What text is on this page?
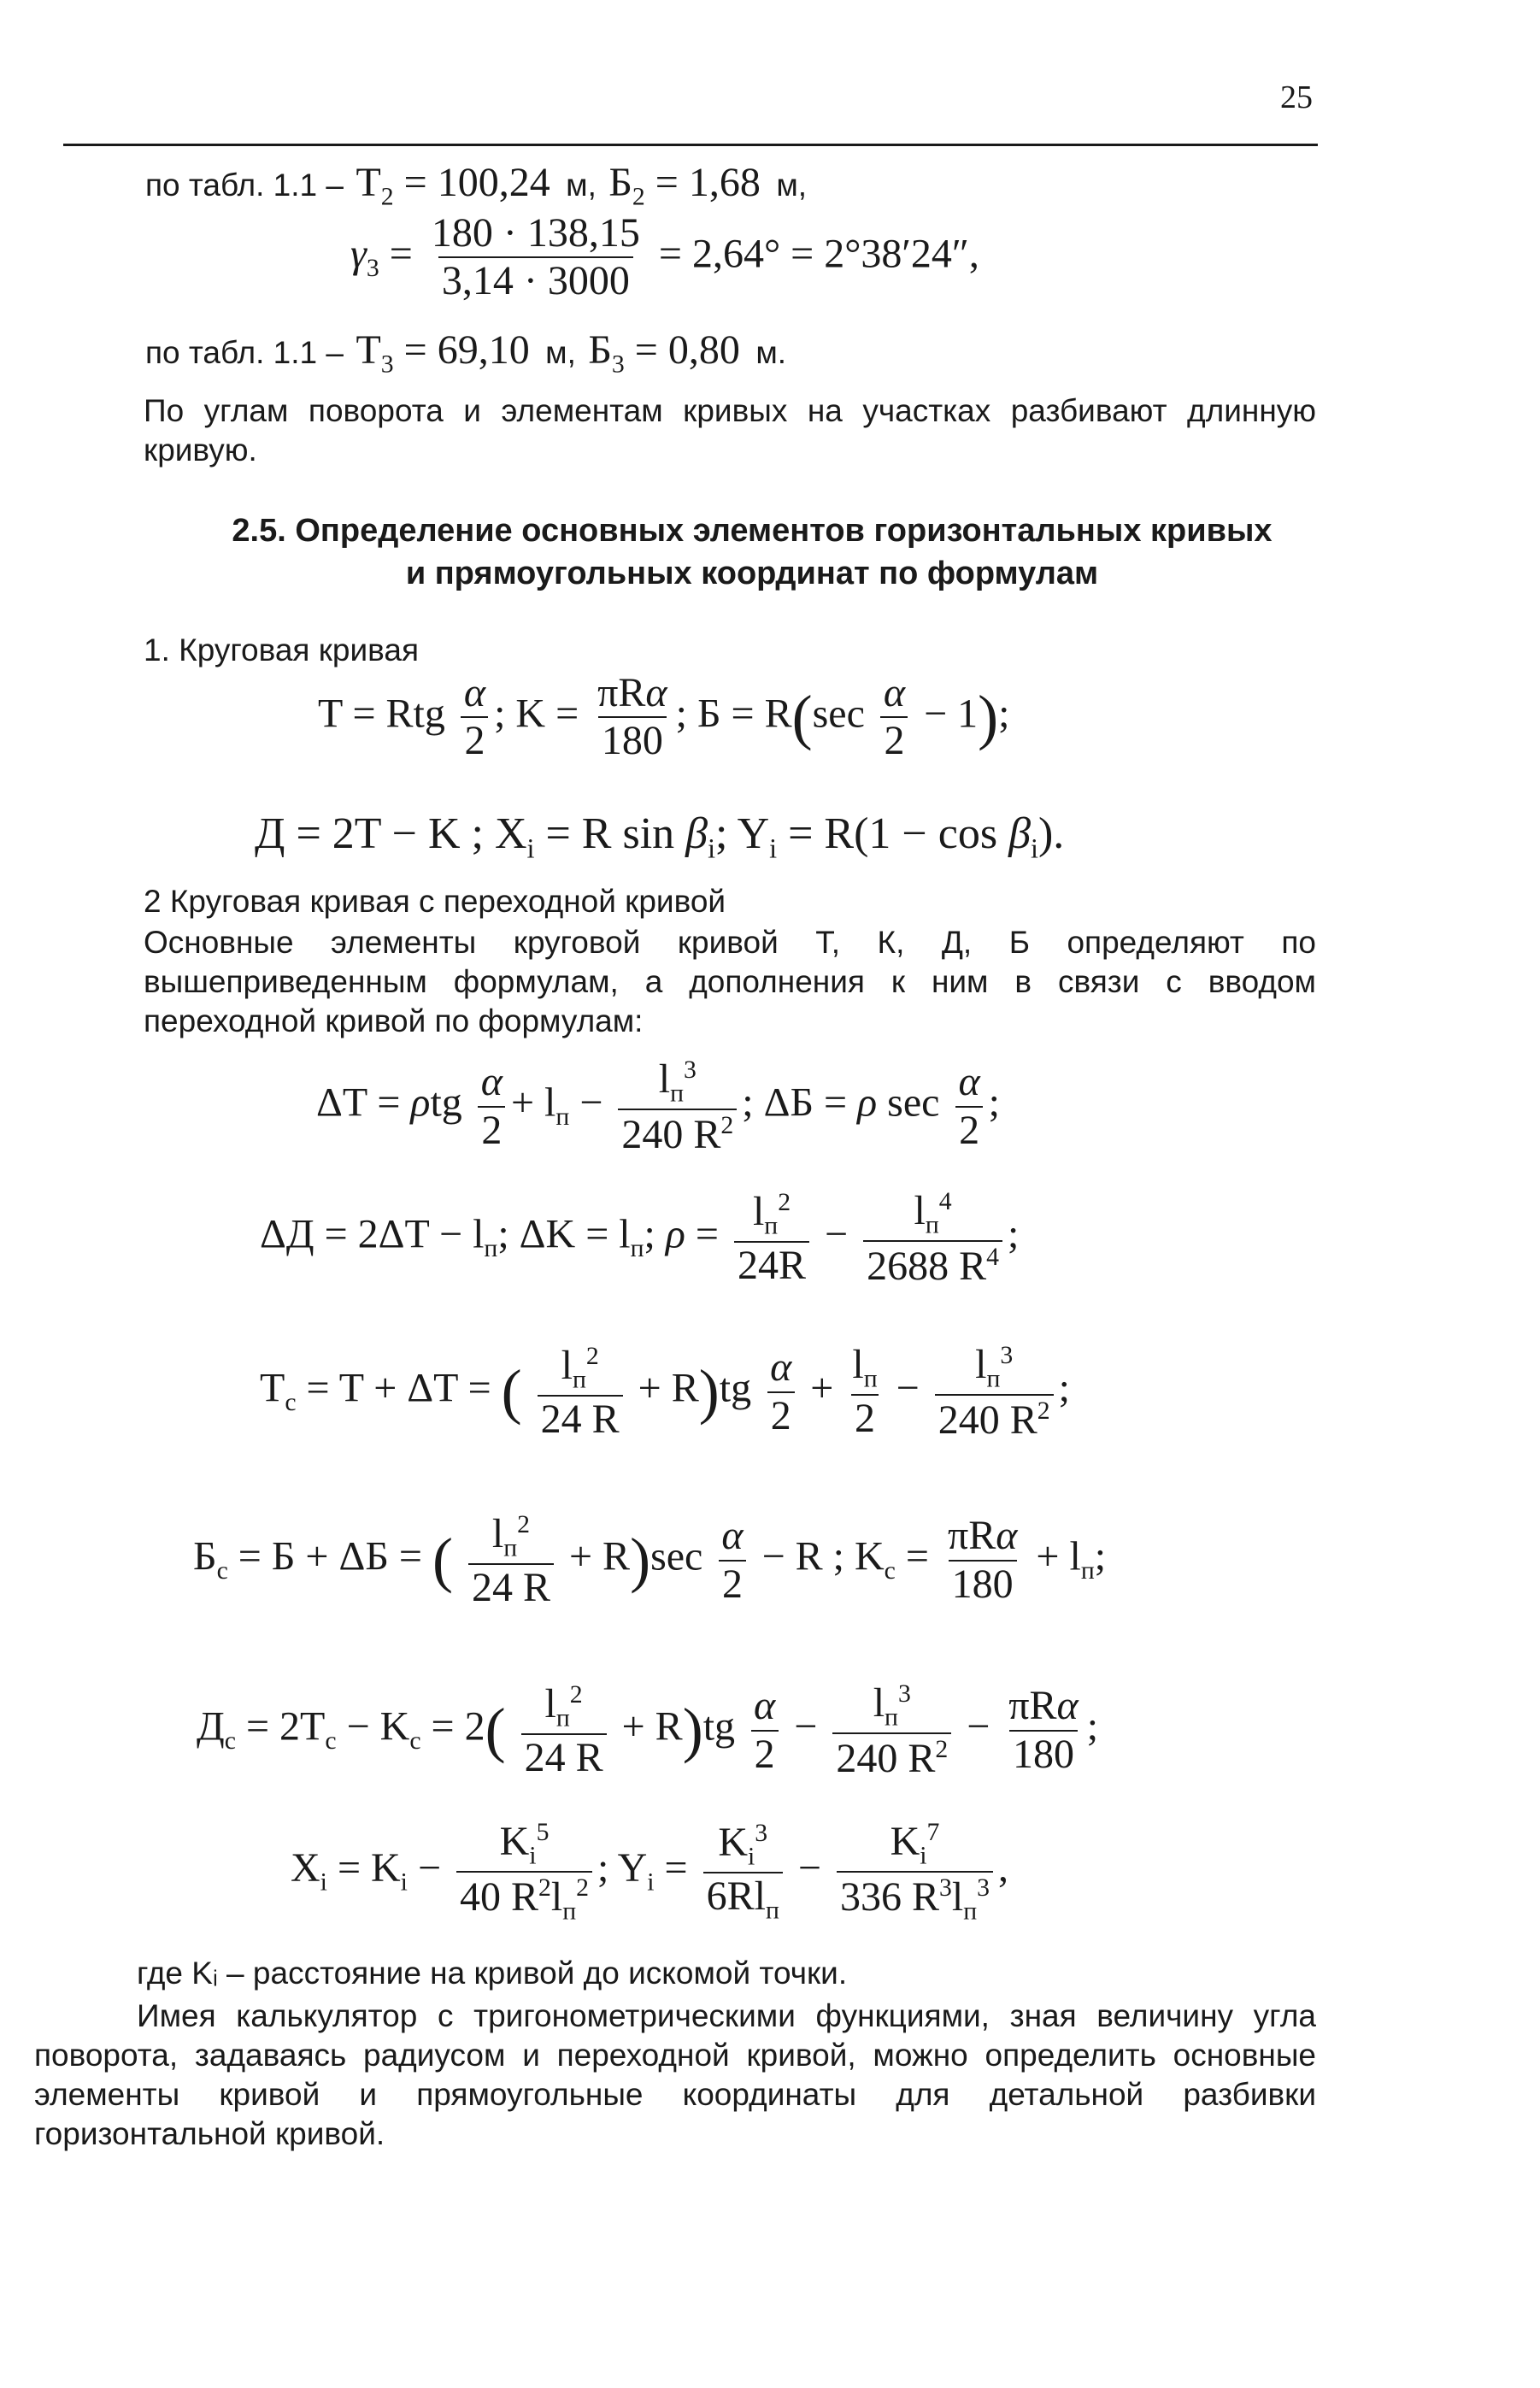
25
по табл. $1.1 - T_2 = 100,24$ м, $Б_2 = 1,68$ м,
$\gamma_3 = \frac{180 \cdot 138,15}{3,14 \cdot 3000} = 2,64^\circ = 2^\circ 38'24''$,
по табл. $1.1 - T_3 = 69,10$ м, $Б_3 = 0,80$ м.
По углам поворота и элементам кривых на участках разбивают длинную кривую.
2.5. Определение основных элементов горизонтальных кривых
и прямоугольных координат по формулам
1. Круговая кривая
T = Rtg $\frac{\alpha}{2}$ ; $K = \frac{\text{πRα}}{180}$ ; $Б = R(\sec \frac{\alpha}{2} - 1)$;
Д = 2T − K ; $X_i = R$ $\sin \beta_i$; $Y_i = R(1 - \cos \beta_i)$.
2 Круговая кривая с переходной кривой
Основные элементы круговой кривой Т, К, Д, Б определяют по вышеприведенным формулам, а дополнения к ним в связи с вводом переходной кривой по формулам:
ΔT = ρtg $\frac{\alpha}{2} + l_п - \frac{l_п^3}{240 R^2}$ ; ΔБ = ρ $\sec \frac{\alpha}{2}$ ;
$\Delta Д = 2\Delta T - l_п$; $\Delta K = l_п$; $\rho = \frac{l_п^2}{24R} - \frac{l_п^4}{2688 R^4}$ ;
$T_c = T + \Delta T$ = ( $\frac{l_п^2}{24 R} + R)tg \frac{\alpha}{2} + \frac{l_п}{2} - \frac{l_п^3}{240 R^2}$ ;
$Б_c = Б + \Delta Б$ = ( $\frac{l_п^2}{24 R} + R)\sec \frac{\alpha}{2} - R$ ; $K_c = \frac{\text{πRα}}{180} + l_п$;
$Д_c = 2T_c - K_c = 2( \frac{l_п^2}{24 R} + R)tg \frac{\alpha}{2} - \frac{l_п^3}{240 R^2} - \frac{\text{πRα}}{180}$ ;
$X_i = K_i - \frac{K_i^5}{40 R^2l_п^2}$ ; $Y_i = \frac{K_i^3}{6Rl_п} - \frac{K_i^7}{336 R^3l_п^3}$ ,
где Kᵢ – расстояние на кривой до искомой точки.
Имея калькулятор с тригонометрическими функциями, зная величину угла поворота, задаваясь радиусом и переходной кривой, можно определить основные элементы кривой и прямоугольные координаты для детальной разбивки горизонтальной кривой.
